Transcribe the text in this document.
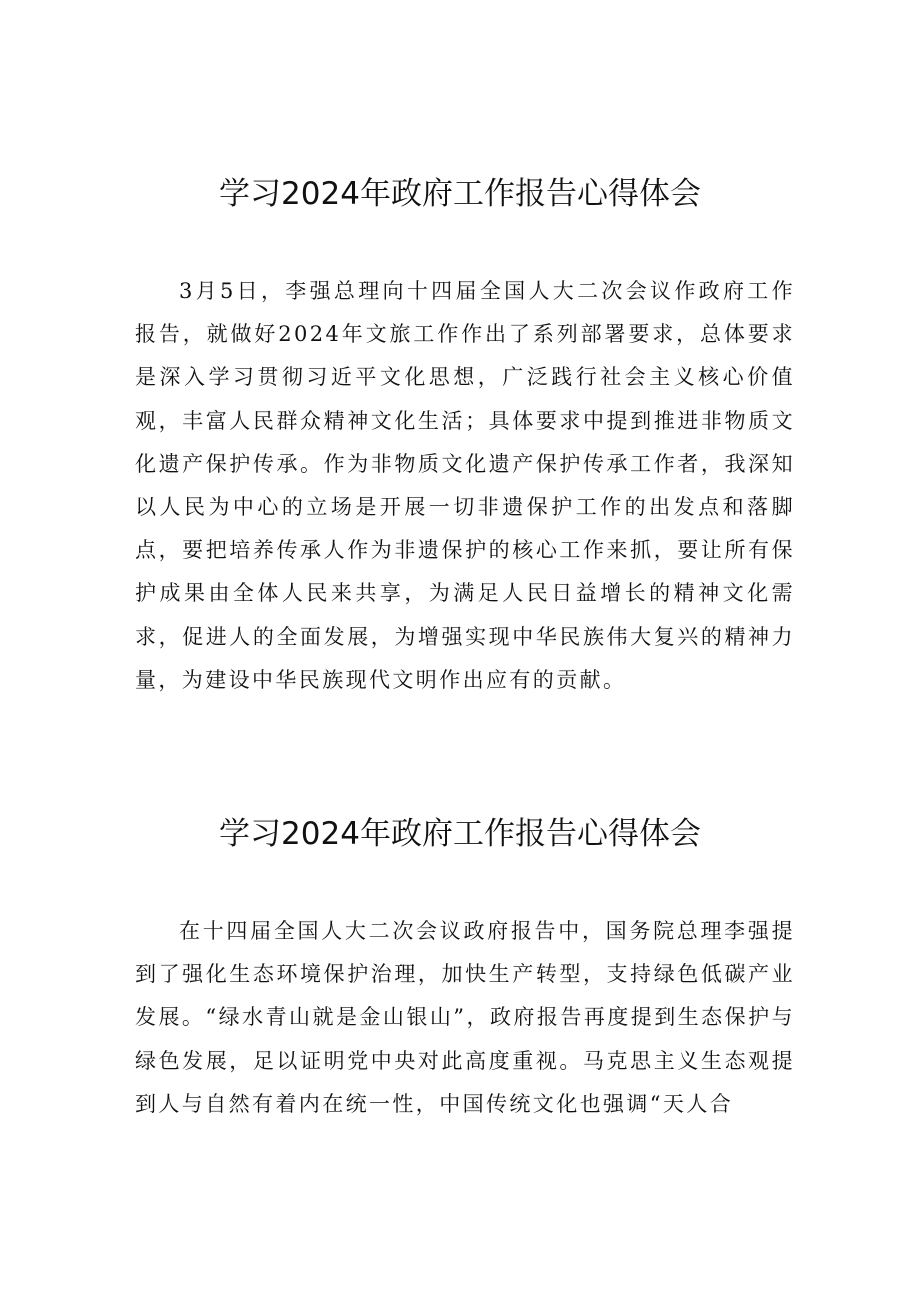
学习2024年政府工作报告心得体会

3月5日，李强总理向十四届全国人大二次会议作政府工作报告，就做好2024年文旅工作作出了系列部署要求，总体要求是深入学习贯彻习近平文化思想，广泛践行社会主义核心价值观，丰富人民群众精神文化生活；具体要求中提到推进非物质文化遗产保护传承。作为非物质文化遗产保护传承工作者，我深知以人民为中心的立场是开展一切非遗保护工作的出发点和落脚点，要把培养传承人作为非遗保护的核心工作来抓，要让所有保护成果由全体人民来共享，为满足人民日益增长的精神文化需求，促进人的全面发展，为增强实现中华民族伟大复兴的精神力量，为建设中华民族现代文明作出应有的贡献。

学习2024年政府工作报告心得体会

在十四届全国人大二次会议政府报告中，国务院总理李强提到了强化生态环境保护治理，加快生产转型，支持绿色低碳产业发展。“绿水青山就是金山银山”，政府报告再度提到生态保护与绿色发展，足以证明党中央对此高度重视。马克思主义生态观提到人与自然有着内在统一性，中国传统文化也强调“天人合
